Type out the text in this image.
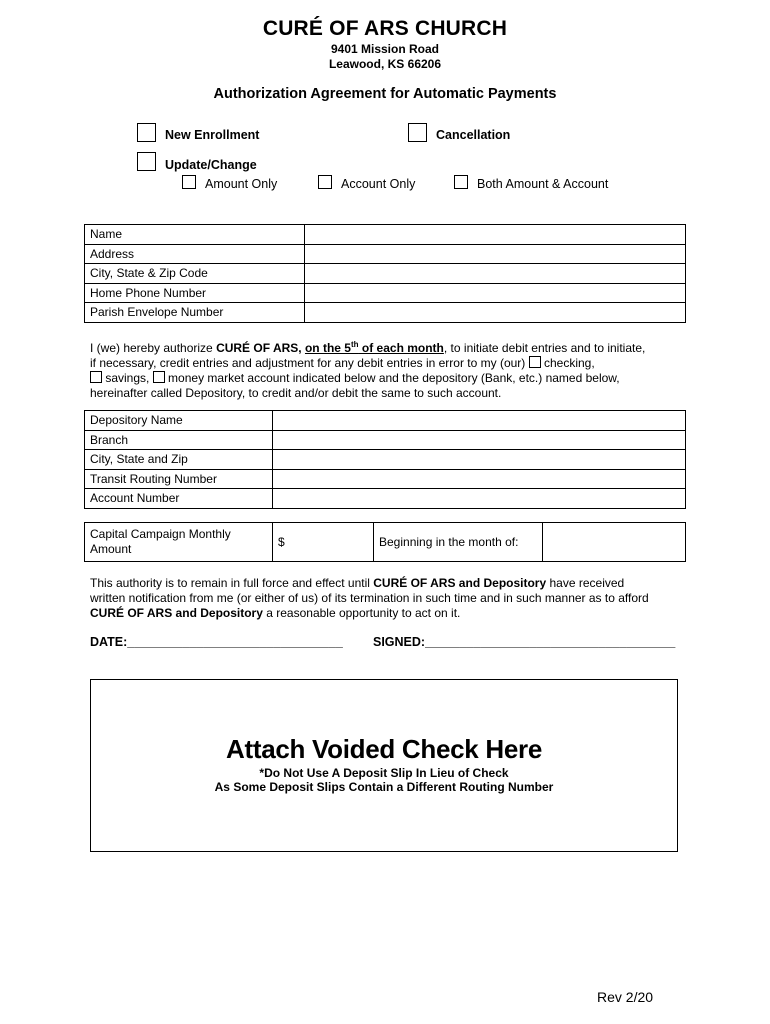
CURÉ OF ARS CHURCH
9401 Mission Road
Leawood, KS 66206
Authorization Agreement for Automatic Payments
New Enrollment	Cancellation
Update/Change
Amount Only	Account Only	Both Amount & Account
Name	
Address	
City, State & Zip Code	
Home Phone Number	
Parish Envelope Number	
I (we) hereby authorize CURÉ OF ARS, on the 5th of each month, to initiate debit entries and to initiate,
if necessary, credit entries and adjustment for any debit entries in error to my (our)  checking,
savings,  money market account indicated below and the depository (Bank, etc.) named below,
hereinafter called Depository, to credit and/or debit the same to such account.
Depository Name	
Branch	
City, State and Zip	
Transit Routing Number	
Account Number	
Capital Campaign Monthly Amount	$	Beginning in the month of:	
This authority is to remain in full force and effect until CURÉ OF ARS and Depository have received
written notification from me (or either of us) of its termination in such time and in such manner as to afford
CURÉ OF ARS and Depository a reasonable opportunity to act on it.
DATE:_______________________________ SIGNED:____________________________________
Attach Voided Check Here
*Do Not Use A Deposit Slip In Lieu of Check
As Some Deposit Slips Contain a Different Routing Number
Rev 2/20
